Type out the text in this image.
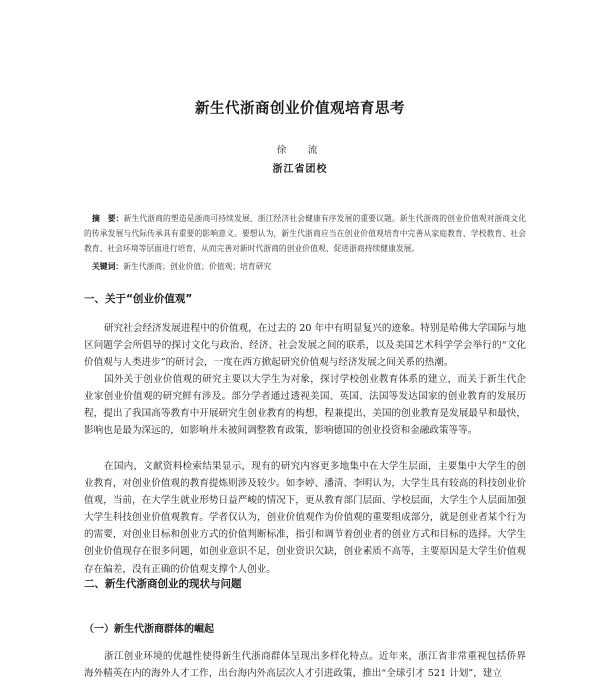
新生代浙商创业价值观培育思考
徐　流
浙江省团校

摘　要：新生代浙商的塑造是浙商可持续发展、浙江经济社会健康有序发展的重要议题。新生代浙商的创业价值观对浙商文化的传承发展与代际传承具有重要的影响意义。要想认为，新生代浙商应当在创业价值观培育中完善从家庭教育、学校教育、社会教育、社会环境等层面进行培育，从而完善对新时代浙商的创业价值观、促进浙商持续健康发展。

关键词：新生代浙商；创业价值；价值观；培育研究

一、关于“创业价值观”

研究社会经济发展进程中的价值观，在过去的 20 年中有明显复兴的迹象。特别是哈佛大学国际与地区问题学会所倡导的探讨文化与政治、经济、社会发展之间的联系，以及美国艺术科学学会举行的“文化价值观与人类进步”的研讨会，一度在西方掀起研究价值观与经济发展之间关系的热潮。

国外关于创业价值观的研究主要以大学生为对象，探讨学校创业教育体系的建立，而关于新生代企业家创业价值观的研究鲜有涉及。部分学者通过透视美国、英国、法国等发达国家的创业教育的发展历程，提出了我国高等教育中开展研究生创业教育的构想，程兼提出，美国的创业教育是发展最早和最快，影响也是最为深远的，如影响并未被间调整教育政策，影响德国的创业投资和金融政策等等。

在国内，文献资料检索结果显示，现有的研究内容更多地集中在大学生层面，主要集中大学生的创业教育，对创业价值观的教育提炼则涉及较少。如李婷、潘清、李明认为，大学生具有较高的科技创业价值观，当前，在大学生就业形势日益严峻的情况下，更从教育部门层面、学校层面，大学生个人层面加强大学生科技创业价值观教育。学者仅认为，创业价值观作为价值观的重要组成部分，就是创业者某个行为的需要，对创业目标和创业方式的价值判断标准，指引和调节着创业者的创业方式和目标的选择。大学生创业价值现存在很多问题，如创业意识不足，创业资识欠缺，创业素质不高等，主要原因是大学生价值观存在偏差，没有正确的价值观支撑个人创业。

二、新生代浙商创业的现状与问题
（一）新生代浙商群体的崛起

浙江创业环境的优越性使得新生代浙商群体呈现出多样化特点。近年来，浙江省非常重视包括侨界海外精英在内的海外人才工作，出台海内外高层次人才引进政策，推出“全球引才 521 计划”，建立
